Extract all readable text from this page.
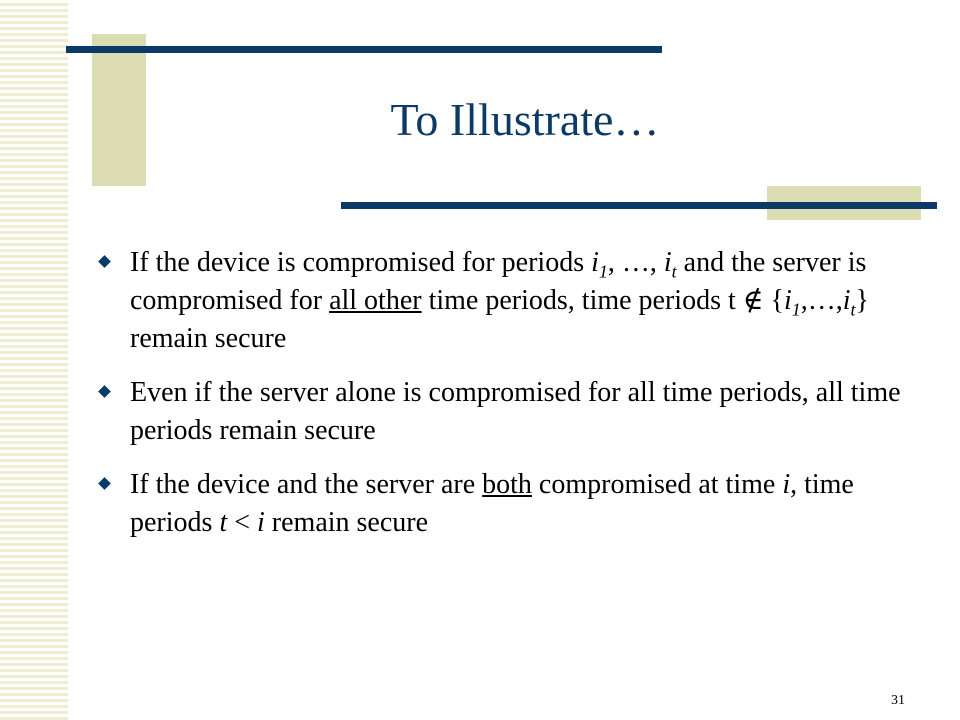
To Illustrate…
If the device is compromised for periods $i_1$, …, $i_t$ and the server is compromised for all other time periods, time periods t ∉ $\{i_1,\dots,i_t\}$ remain secure
Even if the server alone is compromised for all time periods, all time periods remain secure
If the device and the server are both compromised at time i, time periods t < i remain secure
31
